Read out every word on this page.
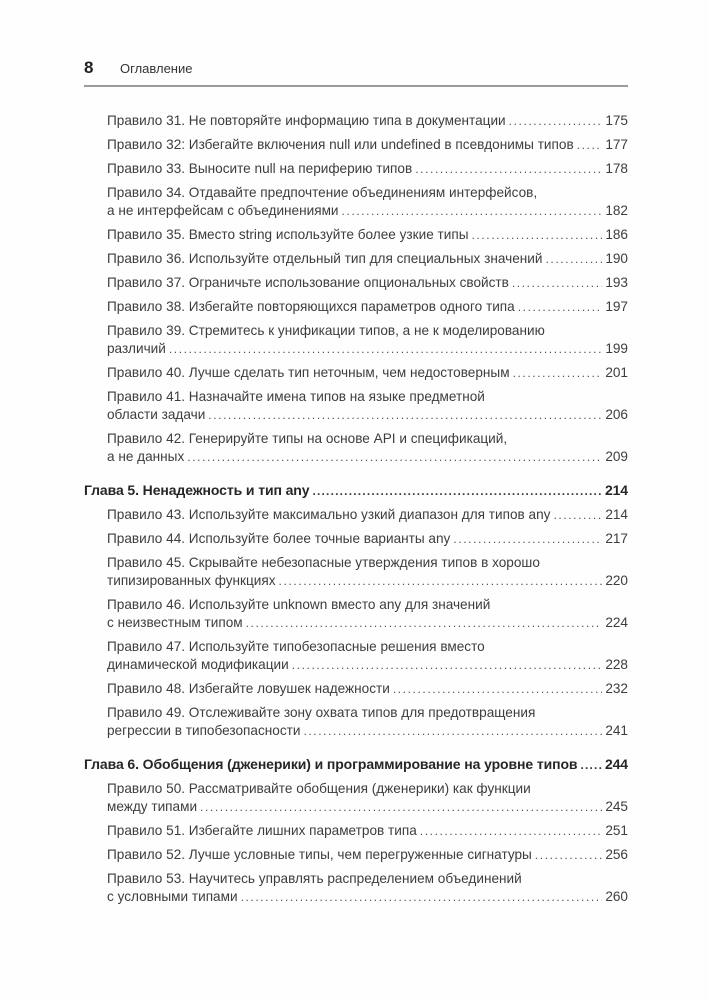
8	Оглавление
Правило 31. Не повторяйте информацию типа в документации .....	175
Правило 32: Избегайте включения null или undefined в псевдонимы типов ..... 177
Правило 33. Выносите null на периферию типов .....	178
Правило 34. Отдавайте предпочтение объединениям интерфейсов,
а не интерфейсам с объединениями .....	182
Правило 35. Вместо string используйте более узкие типы .....	186
Правило 36. Используйте отдельный тип для специальных значений .....	190
Правило 37. Ограничьте использование опциональных свойств .....	193
Правило 38. Избегайте повторяющихся параметров одного типа .....	197
Правило 39. Стремитесь к унификации типов, а не к моделированию
различий .....	199
Правило 40. Лучше сделать тип неточным, чем недостоверным .....	201
Правило 41. Назначайте имена типов на языке предметной
области задачи .....	206
Правило 42. Генерируйте типы на основе API и спецификаций,
а не данных .....	209
Глава 5. Ненадежность и тип any .....	214
Правило 43. Используйте максимально узкий диапазон для типов any .....	214
Правило 44. Используйте более точные варианты any .....	217
Правило 45. Скрывайте небезопасные утверждения типов в хорошо
типизированных функциях .....	220
Правило 46. Используйте unknown вместо any для значений
с неизвестным типом .....	224
Правило 47. Используйте типобезопасные решения вместо
динамической модификации .....	228
Правило 48. Избегайте ловушек надежности .....	232
Правило 49. Отслеживайте зону охвата типов для предотвращения
регрессии в типобезопасности .....	241
Глава 6. Обобщения (дженерики) и программирование на уровне типов ..... 244
Правило 50. Рассматривайте обобщения (дженерики) как функции
между типами .....	245
Правило 51. Избегайте лишних параметров типа .....	251
Правило 52. Лучше условные типы, чем перегруженные сигнатуры .....	256
Правило 53. Научитесь управлять распределением объединений
с условными типами .....	260
